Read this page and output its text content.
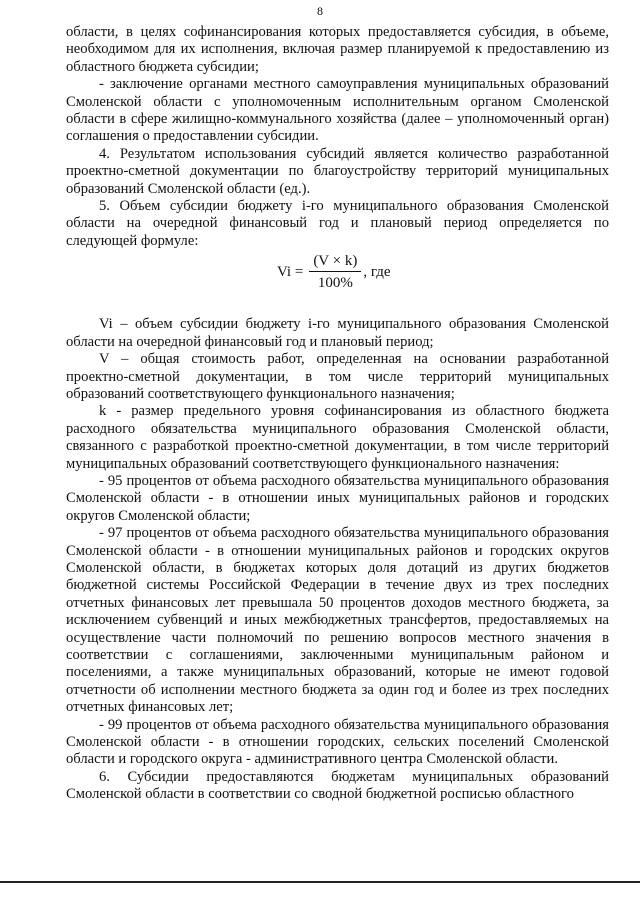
8

области, в целях софинансирования которых предоставляется субсидия, в объеме, необходимом для их исполнения, включая размер планируемой к предоставлению из областного бюджета субсидии;

- заключение органами местного самоуправления муниципальных образований Смоленской области с уполномоченным исполнительным органом Смоленской области в сфере жилищно-коммунального хозяйства (далее – уполномоченный орган) соглашения о предоставлении субсидии.

4. Результатом использования субсидий является количество разработанной проектно-сметной документации по благоустройству территорий муниципальных образований Смоленской области (ед.).

5. Объем субсидии бюджету i-го муниципального образования Смоленской области на очередной финансовый год и плановый период определяется по следующей формуле:

$Vi = \frac{(V \times k)}{100\%}$ , где

Vi – объем субсидии бюджету i-го муниципального образования Смоленской области на очередной финансовый год и плановый период;

V – общая стоимость работ, определенная на основании разработанной проектно-сметной документации, в том числе территорий муниципальных образований соответствующего функционального назначения;

k - размер предельного уровня софинансирования из областного бюджета расходного обязательства муниципального образования Смоленской области, связанного с разработкой проектно-сметной документации, в том числе территорий муниципальных образований соответствующего функционального назначения:

- 95 процентов от объема расходного обязательства муниципального образования Смоленской области - в отношении иных муниципальных районов и городских округов Смоленской области;

- 97 процентов от объема расходного обязательства муниципального образования Смоленской области - в отношении муниципальных районов и городских округов Смоленской области, в бюджетах которых доля дотаций из других бюджетов бюджетной системы Российской Федерации в течение двух из трех последних отчетных финансовых лет превышала 50 процентов доходов местного бюджета, за исключением субвенций и иных межбюджетных трансфертов, предоставляемых на осуществление части полномочий по решению вопросов местного значения в соответствии с соглашениями, заключенными муниципальным районом и поселениями, а также муниципальных образований, которые не имеют годовой отчетности об исполнении местного бюджета за один год и более из трех последних отчетных финансовых лет;

- 99 процентов от объема расходного обязательства муниципального образования Смоленской области - в отношении городских, сельских поселений Смоленской области и городского округа - административного центра Смоленской области.

6. Субсидии предоставляются бюджетам муниципальных образований Смоленской области в соответствии со сводной бюджетной росписью областного
